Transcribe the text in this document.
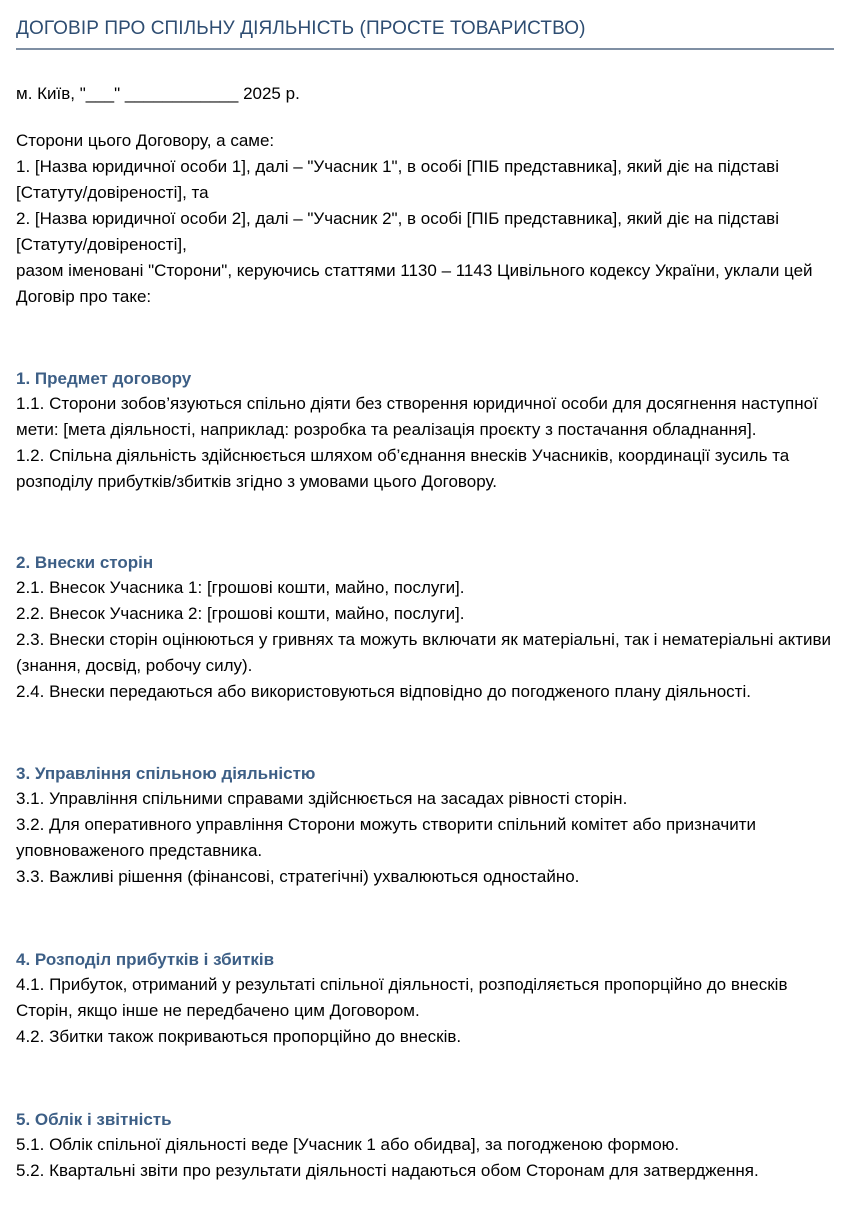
ДОГОВІР ПРО СПІЛЬНУ ДІЯЛЬНІСТЬ (ПРОСТЕ ТОВАРИСТВО)
м. Київ, "___" ____________ 2025 р.

Сторони цього Договору, а саме:

1. [Назва юридичної особи 1], далі – "Учасник 1", в особі [ПІБ представника], який діє на підставі [Статуту/довіреності], та

2. [Назва юридичної особи 2], далі – "Учасник 2", в особі [ПІБ представника], який діє на підставі [Статуту/довіреності],

разом іменовані "Сторони", керуючись статтями 1130 – 1143 Цивільного кодексу України, уклали цей Договір про таке:

1. Предмет договору

1.1. Сторони зобов’язуються спільно діяти без створення юридичної особи для досягнення наступної мети: [мета діяльності, наприклад: розробка та реалізація проєкту з постачання обладнання].

1.2. Спільна діяльність здійснюється шляхом об’єднання внесків Учасників, координації зусиль та розподілу прибутків/збитків згідно з умовами цього Договору.

2. Внески сторін

2.1. Внесок Учасника 1: [грошові кошти, майно, послуги].

2.2. Внесок Учасника 2: [грошові кошти, майно, послуги].

2.3. Внески сторін оцінюються у гривнях та можуть включати як матеріальні, так і нематеріальні активи (знання, досвід, робочу силу).

2.4. Внески передаються або використовуються відповідно до погодженого плану діяльності.

3. Управління спільною діяльністю

3.1. Управління спільними справами здійснюється на засадах рівності сторін.

3.2. Для оперативного управління Сторони можуть створити спільний комітет або призначити уповноваженого представника.

3.3. Важливі рішення (фінансові, стратегічні) ухвалюються одностайно.

4. Розподіл прибутків і збитків

4.1. Прибуток, отриманий у результаті спільної діяльності, розподіляється пропорційно до внесків Сторін, якщо інше не передбачено цим Договором.

4.2. Збитки також покриваються пропорційно до внесків.

5. Облік і звітність

5.1. Облік спільної діяльності веде [Учасник 1 або обидва], за погодженою формою.

5.2. Квартальні звіти про результати діяльності надаються обом Сторонам для затвердження.
